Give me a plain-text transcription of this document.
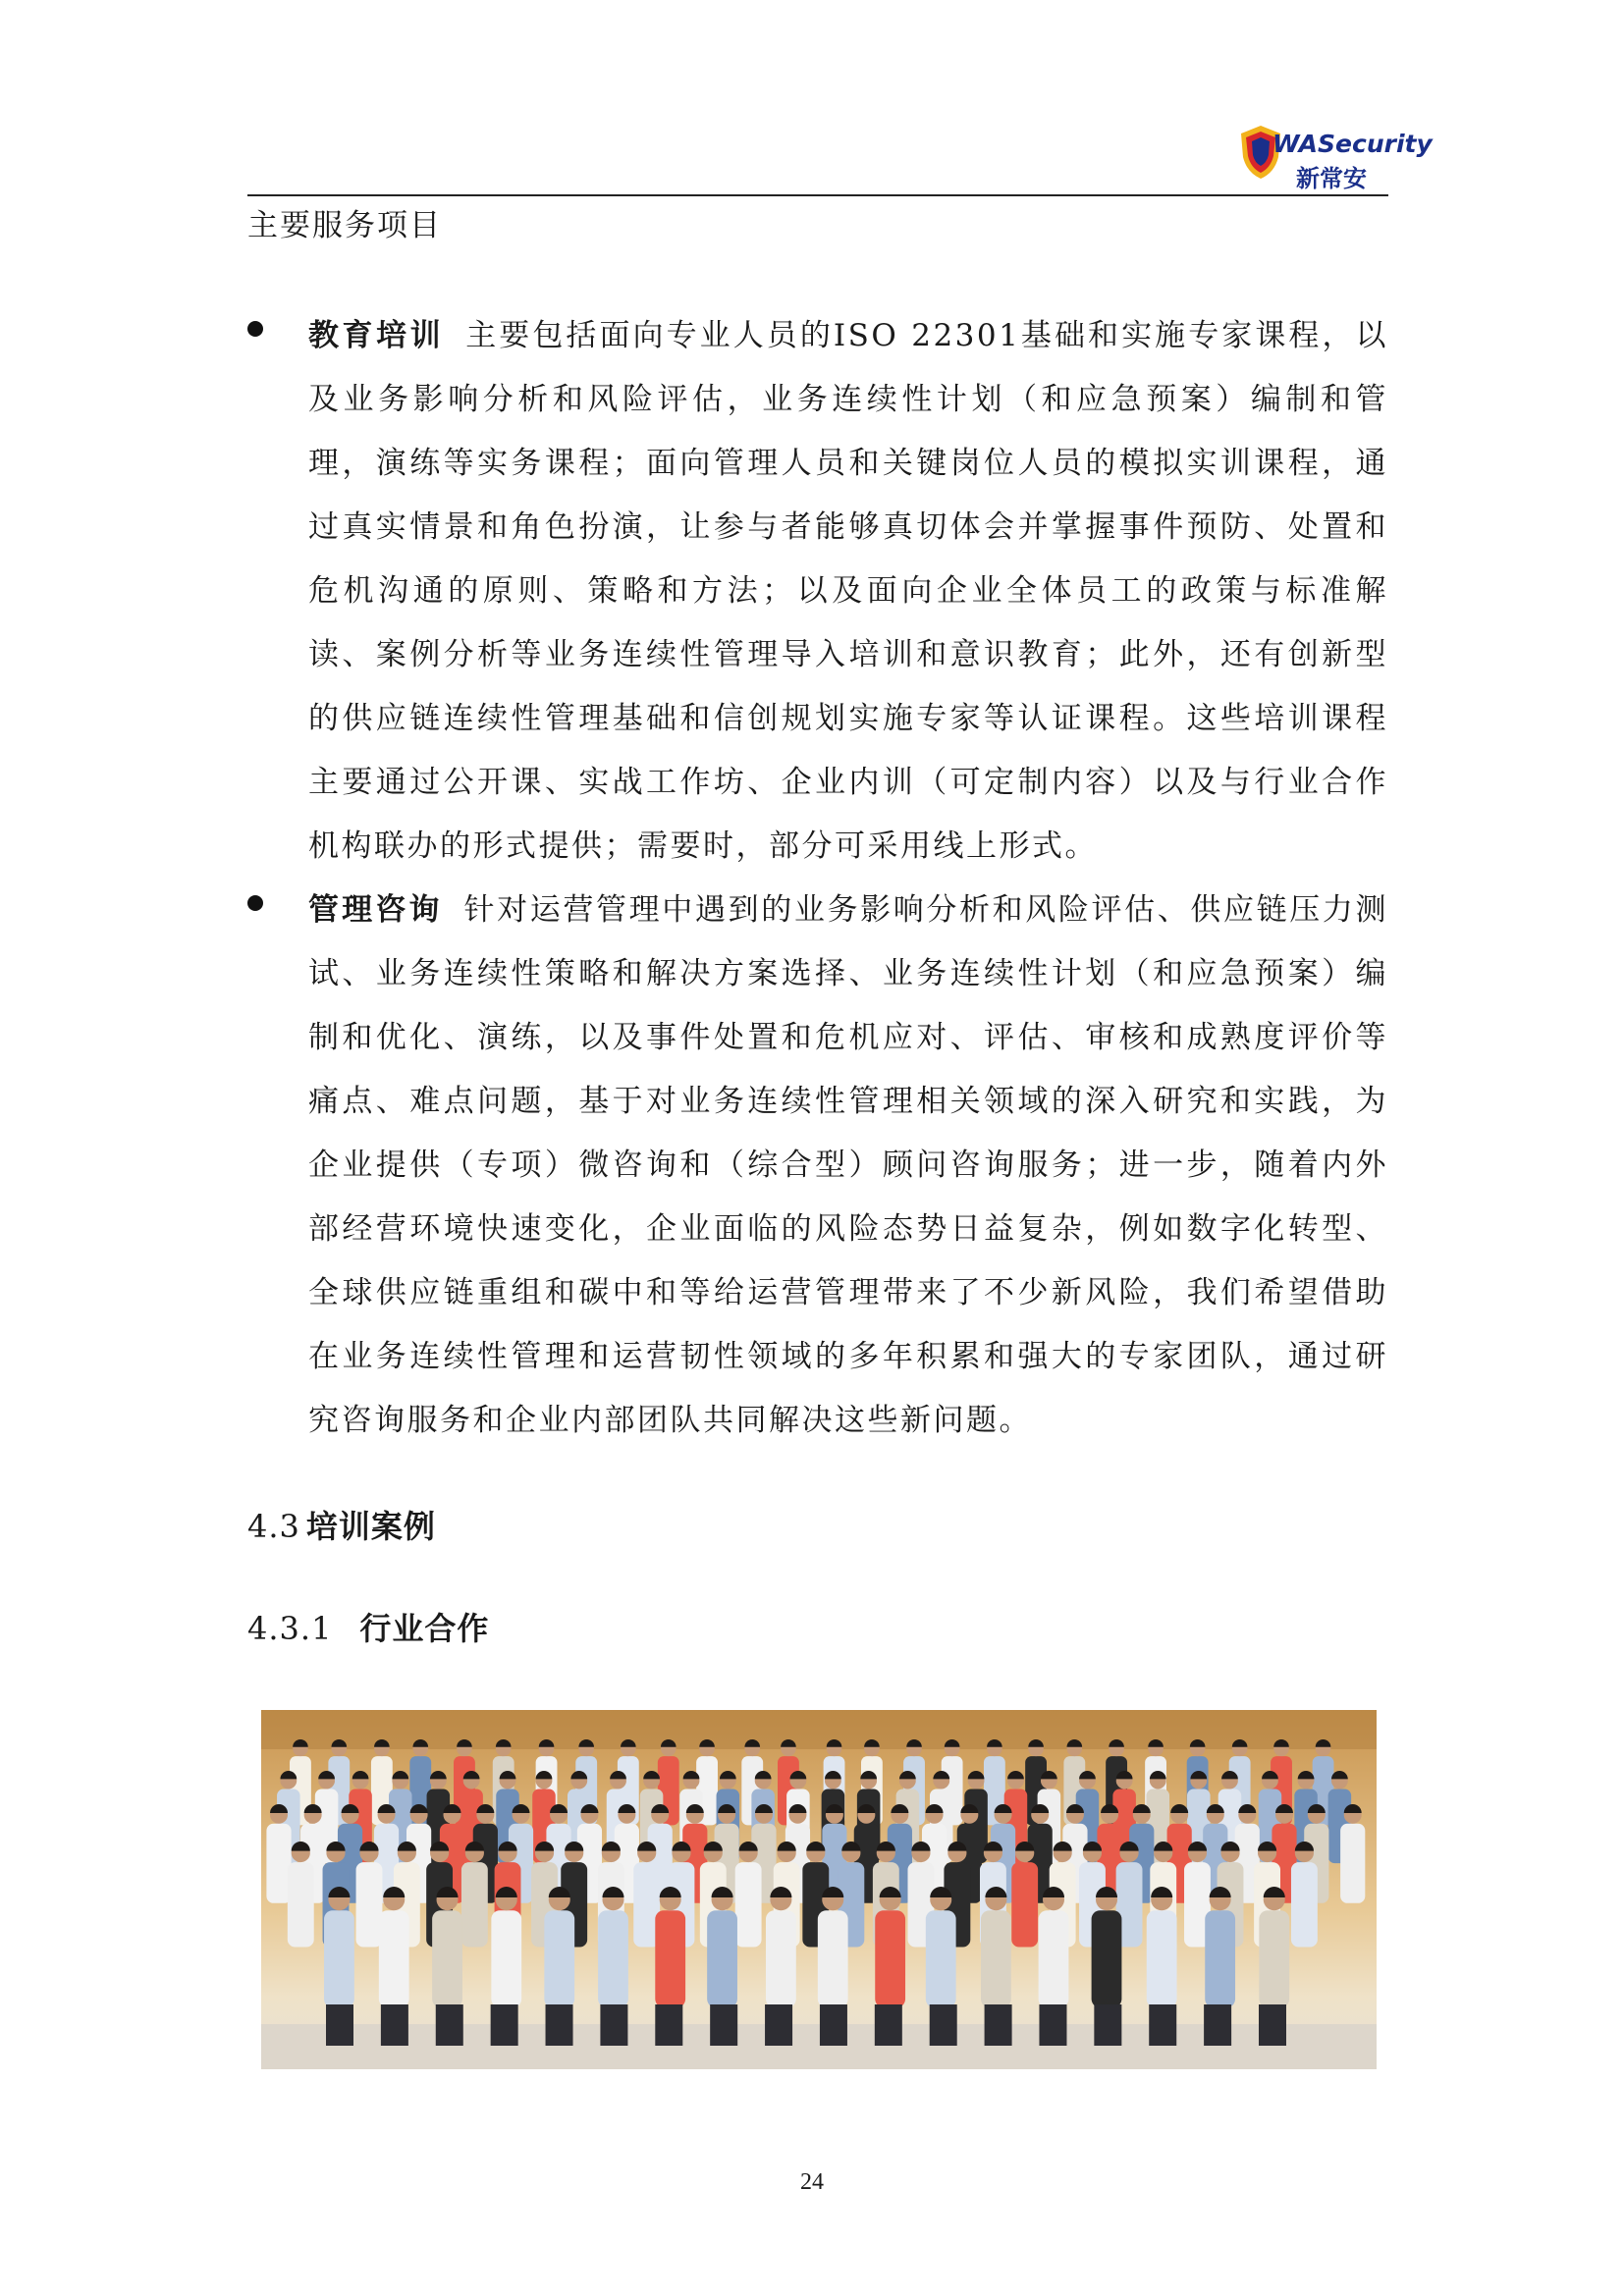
WASecurity
新常安
主要服务项目

教育培训 主要包括面向专业人员的ISO 22301基础和实施专家课程，以及业务影响分析和风险评估，业务连续性计划（和应急预案）编制和管理，演练等实务课程；面向管理人员和关键岗位人员的模拟实训课程，通过真实情景和角色扮演，让参与者能够真切体会并掌握事件预防、处置和危机沟通的原则、策略和方法；以及面向企业全体员工的政策与标准解读、案例分析等业务连续性管理导入培训和意识教育；此外，还有创新型的供应链连续性管理基础和信创规划实施专家等认证课程。这些培训课程主要通过公开课、实战工作坊、企业内训（可定制内容）以及与行业合作机构联办的形式提供；需要时，部分可采用线上形式。

管理咨询 针对运营管理中遇到的业务影响分析和风险评估、供应链压力测试、业务连续性策略和解决方案选择、业务连续性计划（和应急预案）编制和优化、演练，以及事件处置和危机应对、评估、审核和成熟度评价等痛点、难点问题，基于对业务连续性管理相关领域的深入研究和实践，为企业提供（专项）微咨询和（综合型）顾问咨询服务；进一步，随着内外部经营环境快速变化，企业面临的风险态势日益复杂，例如数字化转型、全球供应链重组和碳中和等给运营管理带来了不少新风险，我们希望借助在业务连续性管理和运营韧性领域的多年积累和强大的专家团队，通过研究咨询服务和企业内部团队共同解决这些新问题。

4.3 培训案例
4.3.1 行业合作
24
